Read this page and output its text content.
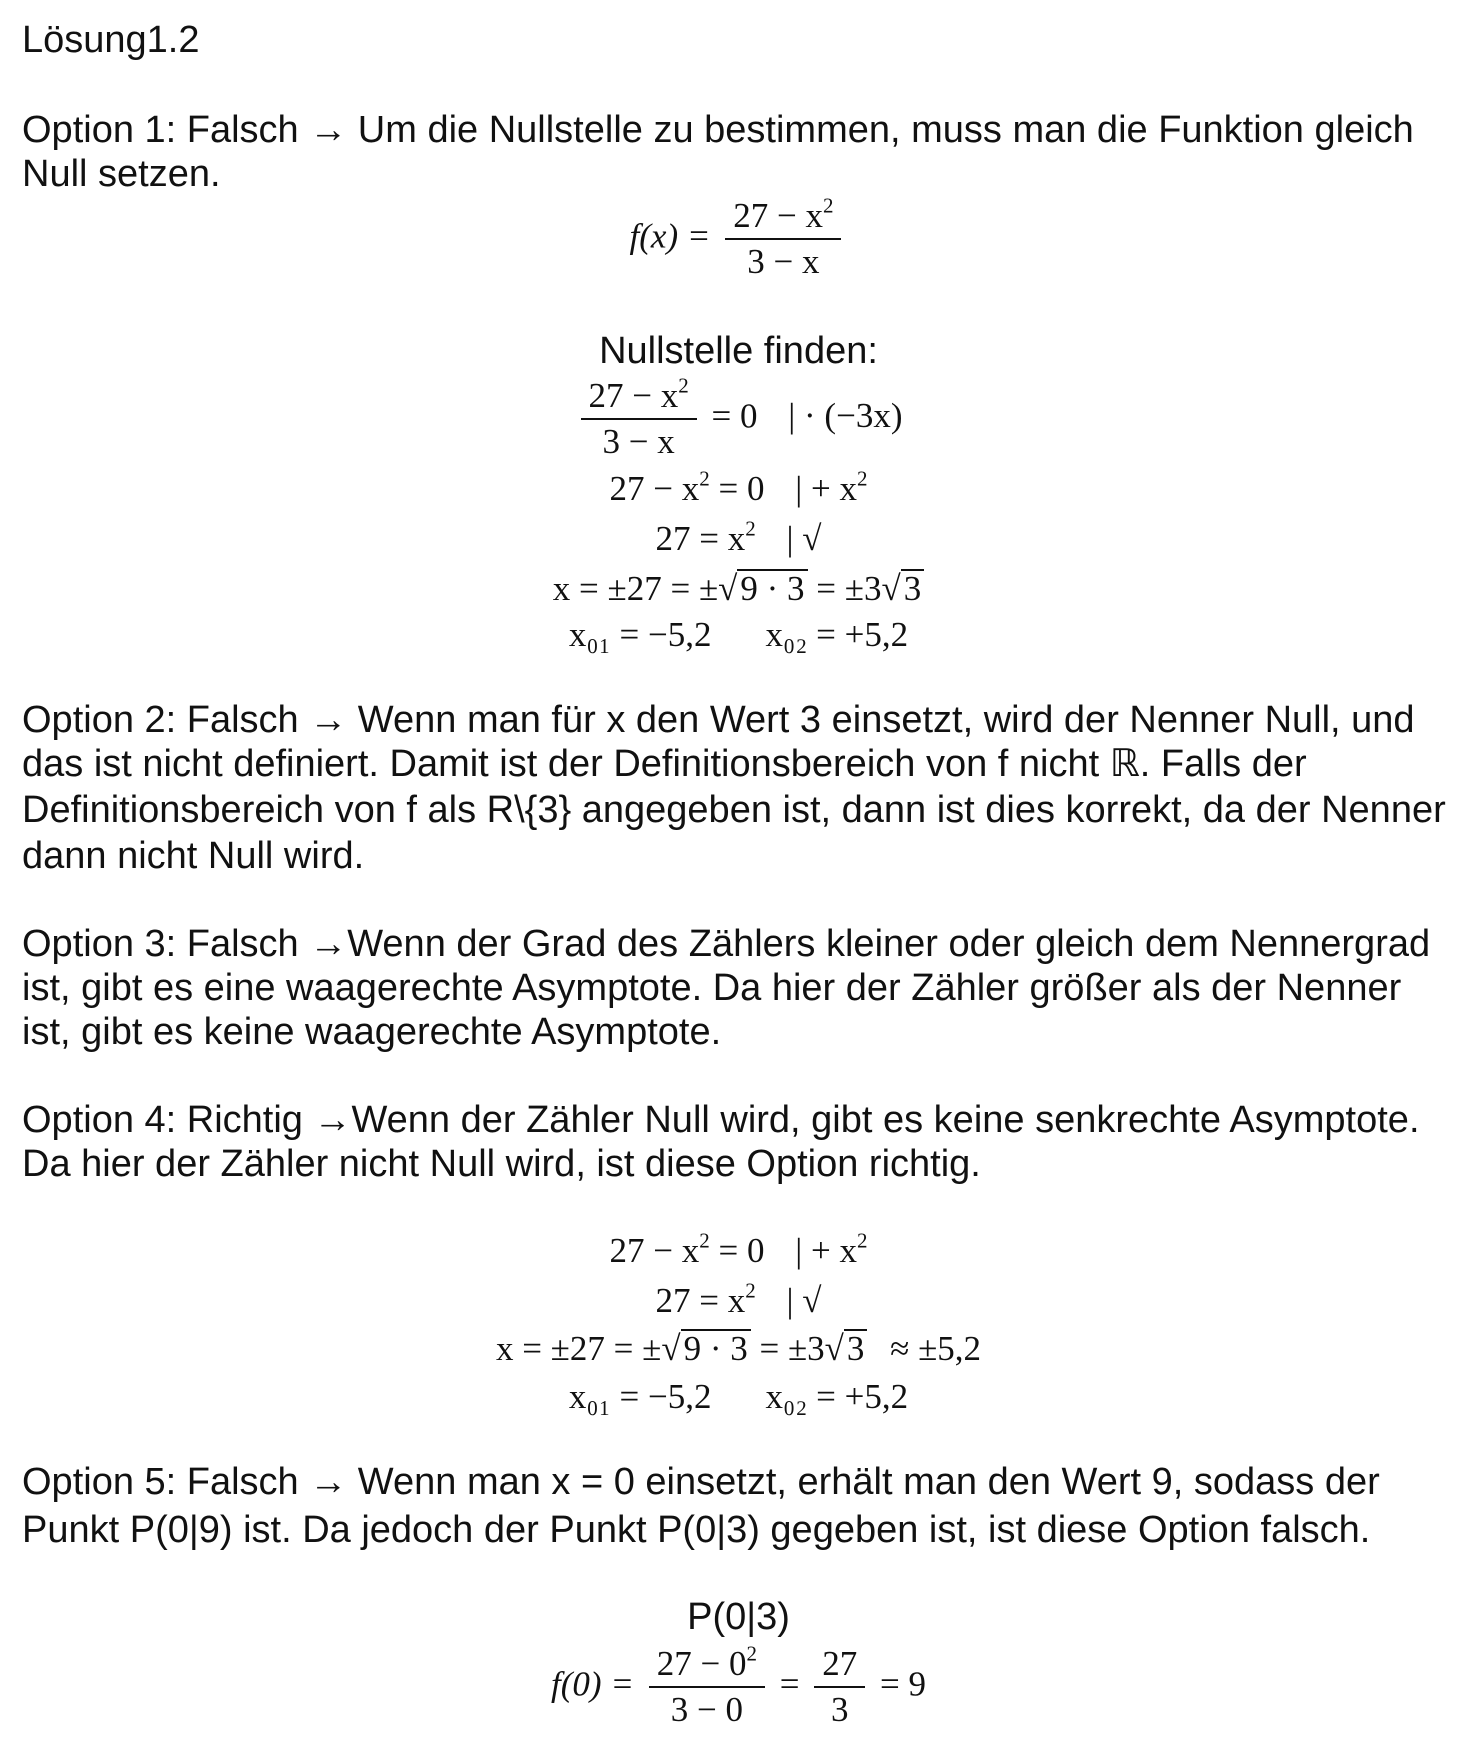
Lösung1.2

Option 1: Falsch → Um die Nullstelle zu bestimmen, muss man die Funktion gleich

Null setzen.

$f(x) = \frac{27 - x^2}{3 - x}$
Nullstelle finden:
$\frac{27 - x^2}{3 - x} = 0$ | · (−3x)
$27 - x^2 = 0$ | + $x^2$
$27 = x^2$ | √
x = ±27 = ±√9 · 3 = ±3√3
x₀₁ = −5,2 x₀₂ = +5,2

Option 2: Falsch → Wenn man für x den Wert 3 einsetzt, wird der Nenner Null, und

das ist nicht definiert. Damit ist der Definitionsbereich von f nicht ℝ. Falls der

Definitionsbereich von f als R\{3} angegeben ist, dann ist dies korrekt, da der Nenner

dann nicht Null wird.

Option 3: Falsch →Wenn der Grad des Zählers kleiner oder gleich dem Nennergrad

ist, gibt es eine waagerechte Asymptote. Da hier der Zähler größer als der Nenner

ist, gibt es keine waagerechte Asymptote.

Option 4: Richtig →Wenn der Zähler Null wird, gibt es keine senkrechte Asymptote.

Da hier der Zähler nicht Null wird, ist diese Option richtig.

$27 - x^2 = 0$ | + $x^2$
$27 = x^2$ | √
x = ±27 = ±√9 · 3 = ±3√3 ≈ ±5,2
x₀₁ = −5,2 x₀₂ = +5,2

Option 5: Falsch → Wenn man x = 0 einsetzt, erhält man den Wert 9, sodass der

Punkt P(0|9) ist. Da jedoch der Punkt P(0|3) gegeben ist, ist diese Option falsch.

P(0|3)
$f(0) = \frac{27 - 0^2}{3 - 0} = \frac{27}{3} = 9$
